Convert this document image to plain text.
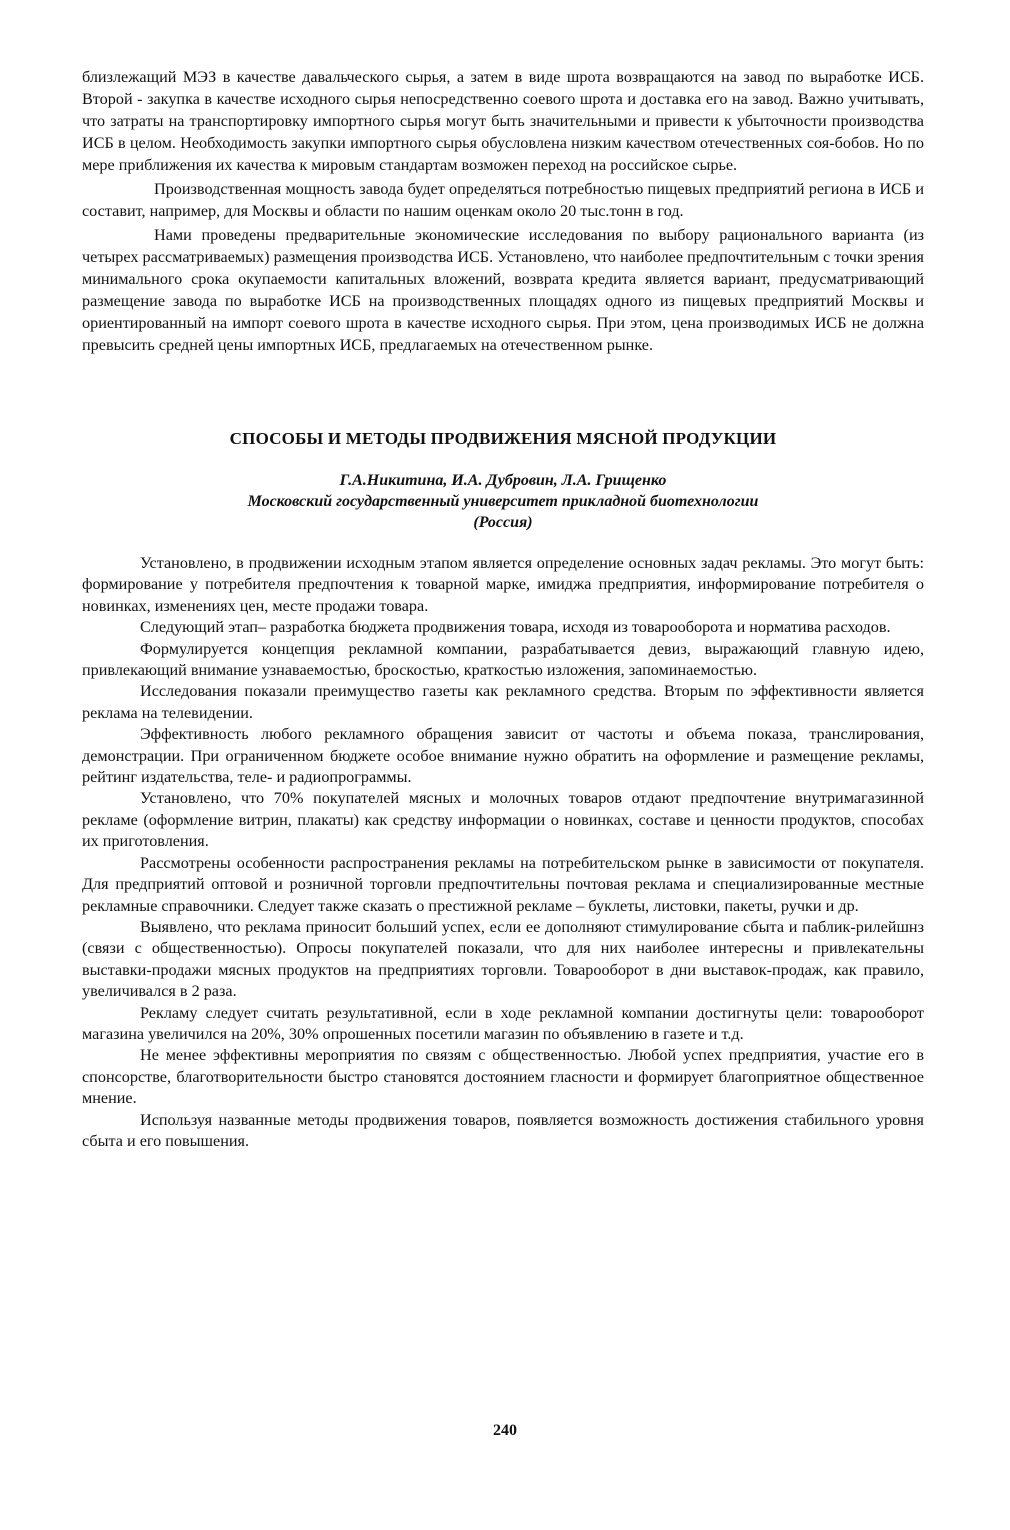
близлежащий МЭЗ в качестве давальческого сырья, а затем в виде шрота возвращаются на завод по выработке ИСБ. Второй - закупка в качестве исходного сырья непосредственно соевого шрота и доставка его на завод. Важно учитывать, что затраты на транспортировку импортного сырья могут быть значительными и привести к убыточности производства ИСБ в целом. Необходимость закупки импортного сырья обусловлена низким качеством отечественных соя-бобов. Но по мере приближения их качества к мировым стандартам возможен переход на российское сырье.

Производственная мощность завода будет определяться потребностью пищевых предприятий региона в ИСБ и составит, например, для Москвы и области по нашим оценкам около 20 тыс.тонн в год.

Нами проведены предварительные экономические исследования по выбору рационального варианта (из четырех рассматриваемых) размещения производства ИСБ. Установлено, что наиболее предпочтительным с точки зрения минимального срока окупаемости капитальных вложений, возврата кредита является вариант, предусматривающий размещение завода по выработке ИСБ на производственных площадях одного из пищевых предприятий Москвы и ориентированный на импорт соевого шрота в качестве исходного сырья. При этом, цена производимых ИСБ не должна превысить средней цены импортных ИСБ, предлагаемых на отечественном рынке.

СПОСОБЫ И МЕТОДЫ ПРОДВИЖЕНИЯ МЯСНОЙ ПРОДУКЦИИ
Г.А.Никитина, И.А. Дубровин, Л.А. Грищенко
Московский государственный университет прикладной биотехнологии
(Россия)

Установлено, в продвижении исходным этапом является определение основных задач рекламы. Это могут быть: формирование у потребителя предпочтения к товарной марке, имиджа предприятия, информирование потребителя о новинках, изменениях цен, месте продажи товара.

Следующий этап– разработка бюджета продвижения товара, исходя из товарооборота и норматива расходов.

Формулируется концепция рекламной компании, разрабатывается девиз, выражающий главную идею, привлекающий внимание узнаваемостью, броскостью, краткостью изложения, запоминаемостью.

Исследования показали преимущество газеты как рекламного средства. Вторым по эффективности является реклама на телевидении.

Эффективность любого рекламного обращения зависит от частоты и объема показа, транслирования, демонстрации. При ограниченном бюджете особое внимание нужно обратить на оформление и размещение рекламы, рейтинг издательства, теле- и радиопрограммы.

Установлено, что 70% покупателей мясных и молочных товаров отдают предпочтение внутримагазинной рекламе (оформление витрин, плакаты) как средству информации о новинках, составе и ценности продуктов, способах их приготовления.

Рассмотрены особенности распространения рекламы на потребительском рынке в зависимости от покупателя. Для предприятий оптовой и розничной торговли предпочтительны почтовая реклама и специализированные местные рекламные справочники. Следует также сказать о престижной рекламе – буклеты, листовки, пакеты, ручки и др.

Выявлено, что реклама приносит больший успех, если ее дополняют стимулирование сбыта и паблик-рилейшнз (связи с общественностью). Опросы покупателей показали, что для них наиболее интересны и привлекательны выставки-продажи мясных продуктов на предприятиях торговли. Товарооборот в дни выставок-продаж, как правило, увеличивался в 2 раза.

Рекламу следует считать результативной, если в ходе рекламной компании достигнуты цели: товарооборот магазина увеличился на 20%, 30% опрошенных посетили магазин по объявлению в газете и т.д.

Не менее эффективны мероприятия по связям с общественностью. Любой успех предприятия, участие его в спонсорстве, благотворительности быстро становятся достоянием гласности и формирует благоприятное общественное мнение.

Используя названные методы продвижения товаров, появляется возможность достижения стабильного уровня сбыта и его повышения.

240
